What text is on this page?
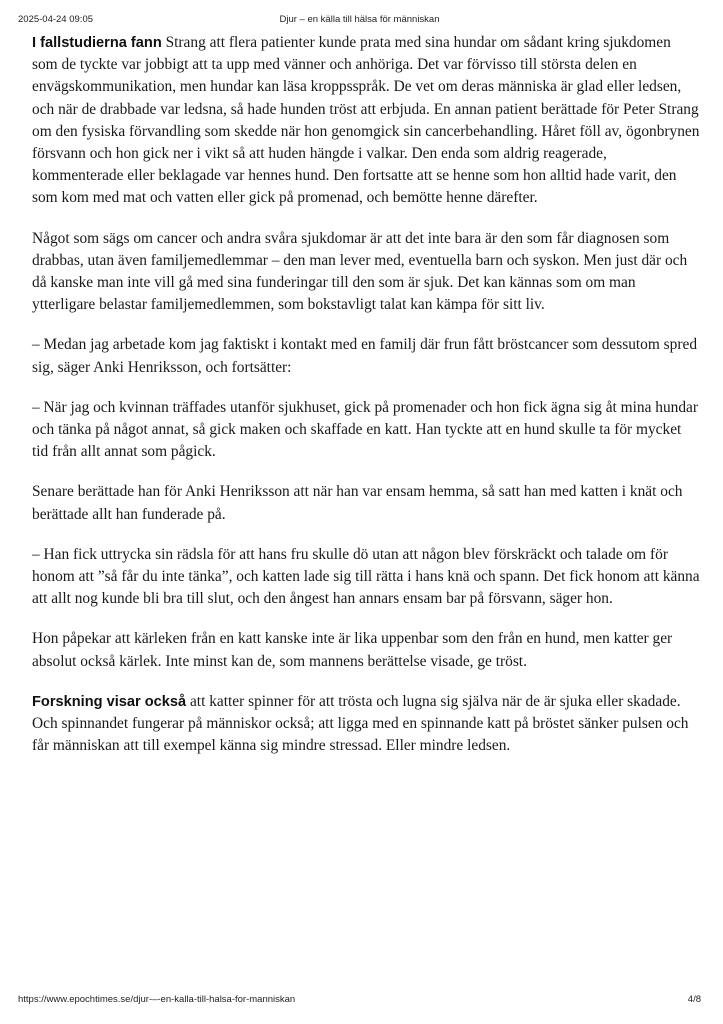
2025-04-24 09:05	Djur – en källa till hälsa för människan

I fallstudierna fann Strang att flera patienter kunde prata med sina hundar om sådant kring sjukdomen som de tyckte var jobbigt att ta upp med vänner och anhöriga. Det var förvisso till största delen en envägskommunikation, men hundar kan läsa kroppsspråk. De vet om deras människa är glad eller ledsen, och när de drabbade var ledsna, så hade hunden tröst att erbjuda. En annan patient berättade för Peter Strang om den fysiska förvandling som skedde när hon genomgick sin cancerbehandling. Håret föll av, ögonbrynen försvann och hon gick ner i vikt så att huden hängde i valkar. Den enda som aldrig reagerade, kommenterade eller beklagade var hennes hund. Den fortsatte att se henne som hon alltid hade varit, den som kom med mat och vatten eller gick på promenad, och bemötte henne därefter.

Något som sägs om cancer och andra svåra sjukdomar är att det inte bara är den som får diagnosen som drabbas, utan även familjemedlemmar – den man lever med, eventuella barn och syskon. Men just där och då kanske man inte vill gå med sina funderingar till den som är sjuk. Det kan kännas som om man ytterligare belastar familjemedlemmen, som bokstavligt talat kan kämpa för sitt liv.

– Medan jag arbetade kom jag faktiskt i kontakt med en familj där frun fått bröstcancer som dessutom spred sig, säger Anki Henriksson, och fortsätter:

– När jag och kvinnan träffades utanför sjukhuset, gick på promenader och hon fick ägna sig åt mina hundar och tänka på något annat, så gick maken och skaffade en katt. Han tyckte att en hund skulle ta för mycket tid från allt annat som pågick.

Senare berättade han för Anki Henriksson att när han var ensam hemma, så satt han med katten i knät och berättade allt han funderade på.

– Han fick uttrycka sin rädsla för att hans fru skulle dö utan att någon blev förskräckt och talade om för honom att ”så får du inte tänka”, och katten lade sig till rätta i hans knä och spann. Det fick honom att känna att allt nog kunde bli bra till slut, och den ångest han annars ensam bar på försvann, säger hon.

Hon påpekar att kärleken från en katt kanske inte är lika uppenbar som den från en hund, men katter ger absolut också kärlek. Inte minst kan de, som mannens berättelse visade, ge tröst.

Forskning visar också att katter spinner för att trösta och lugna sig själva när de är sjuka eller skadade. Och spinnandet fungerar på människor också; att ligga med en spinnande katt på bröstet sänker pulsen och får människan att till exempel känna sig mindre stressad. Eller mindre ledsen.

https://www.epochtimes.se/djur-–-en-kalla-till-halsa-for-manniskan	4/8
